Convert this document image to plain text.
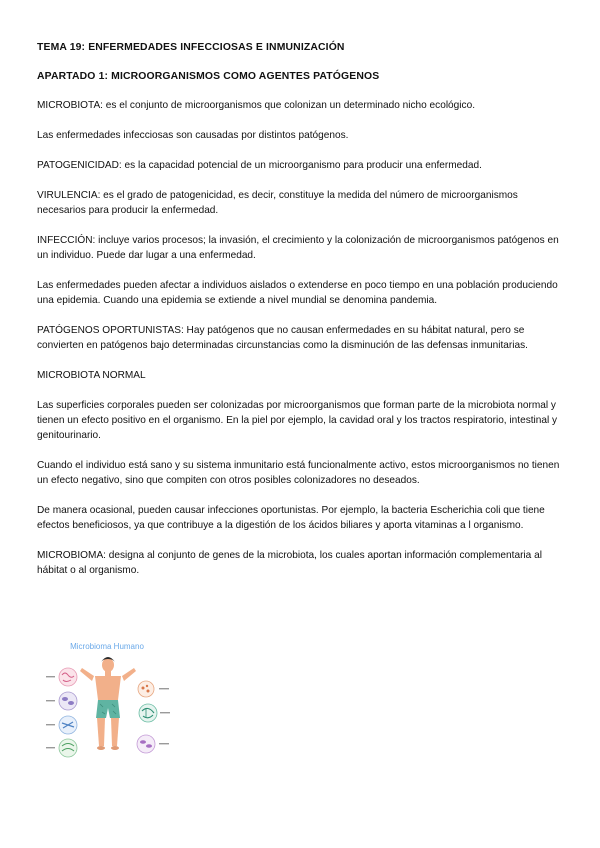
TEMA 19: ENFERMEDADES INFECCIOSAS E INMUNIZACIÓN
APARTADO 1: MICROORGANISMOS COMO AGENTES PATÓGENOS

MICROBIOTA: es el conjunto de microorganismos que colonizan un determinado nicho ecológico.

Las enfermedades infecciosas son causadas por distintos patógenos.

PATOGENICIDAD: es la capacidad potencial de un microorganismo para producir una enfermedad.

VIRULENCIA: es el grado de patogenicidad, es decir, constituye la medida del número de microorganismos necesarios para producir la enfermedad.

INFECCIÓN: incluye varios procesos; la invasión, el crecimiento y la colonización de microorganismos patógenos en un individuo. Puede dar lugar a una enfermedad.

Las enfermedades pueden afectar a individuos aislados o extenderse en poco tiempo en una población produciendo una epidemia. Cuando una epidemia se extiende a nivel mundial se denomina pandemia.

PATÓGENOS OPORTUNISTAS: Hay patógenos que no causan enfermedades en su hábitat natural, pero se convierten en patógenos bajo determinadas circunstancias como la disminución de las defensas inmunitarias.

MICROBIOTA NORMAL

Las superficies corporales pueden ser colonizadas por microorganismos que forman parte de la microbiota normal y tienen un efecto positivo en el organismo. En la piel por ejemplo, la cavidad oral y los tractos respiratorio, intestinal y genitourinario.

Cuando el individuo está sano y su sistema inmunitario está funcionalmente activo, estos microorganismos no tienen un efecto negativo, sino que compiten con otros posibles colonizadores no deseados.

De manera ocasional, pueden causar infecciones oportunistas. Por ejemplo, la bacteria Escherichia coli que tiene efectos beneficiosos, ya que contribuye a la digestión de los ácidos biliares y aporta vitaminas a l organismo.

MICROBIOMA: designa al conjunto de genes de la microbiota, los cuales aportan información complementaria al hábitat o al organismo.

Microbioma Humano
